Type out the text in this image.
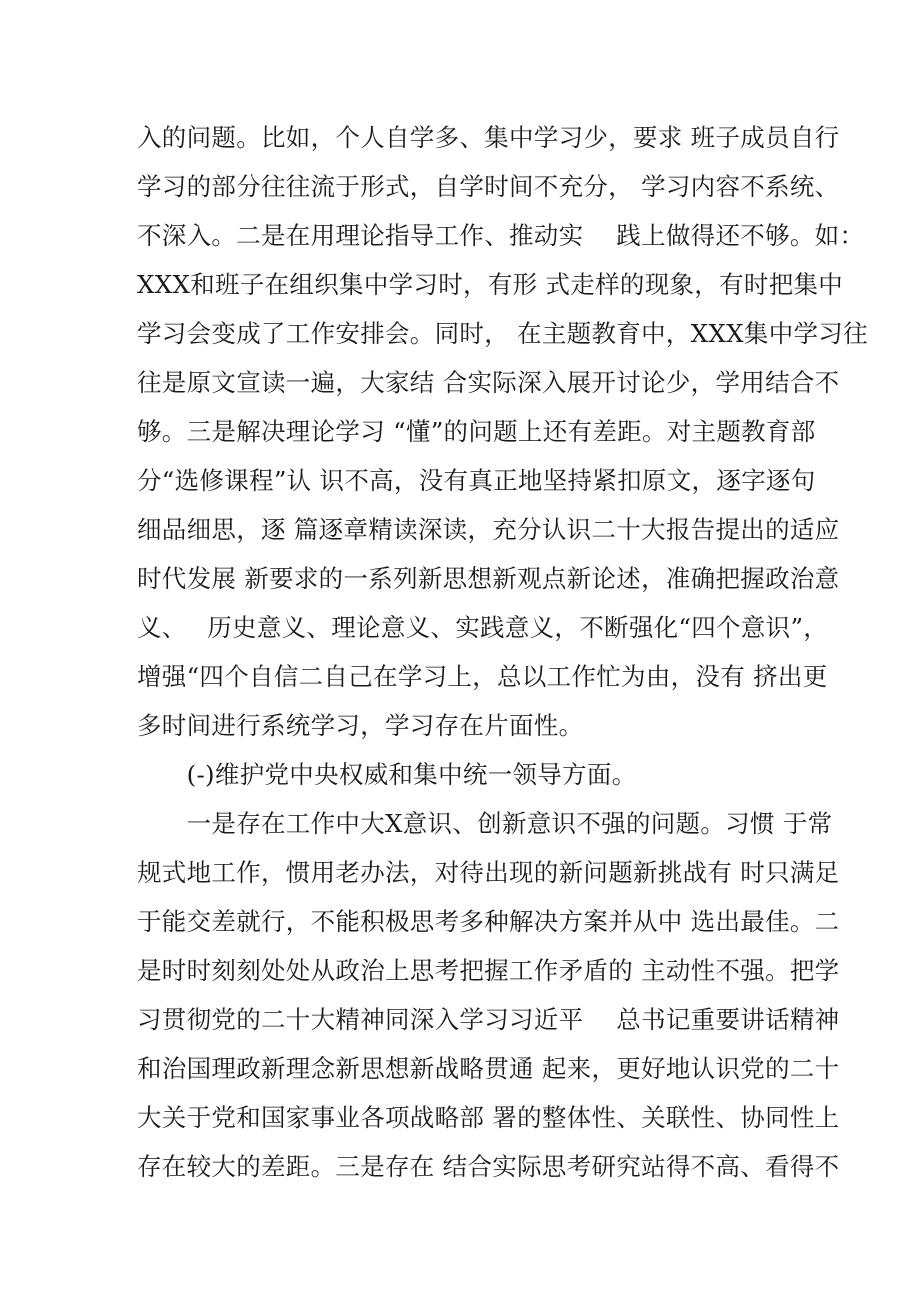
入的问题。比如，个人自学多、集中学习少，要求 班子成员自行
学习的部分往往流于形式，自学时间不充分， 学习内容不系统、
不深入。二是在用理论指导工作、推动实　 践上做得还不够。如：
XXX和班子在组织集中学习时，有形 式走样的现象，有时把集中
学习会变成了工作安排会。同时， 在主题教育中，XXX集中学习往
往是原文宣读一遍，大家结 合实际深入展开讨论少，学用结合不
够。三是解决理论学习 “懂”的问题上还有差距。对主题教育部
分“选修课程”认 识不高，没有真正地坚持紧扣原文，逐字逐句
细品细思，逐 篇逐章精读深读，充分认识二十大报告提出的适应
时代发展 新要求的一系列新思想新观点新论述，准确把握政治意
义、　 历史意义、理论意义、实践意义，不断强化“四个意识”，
增强“四个自信二自己在学习上，总以工作忙为由，没有 挤出更
多时间进行系统学习，学习存在片面性。
　　(-)维护党中央权威和集中统一领导方面。
　　一是存在工作中大X意识、创新意识不强的问题。习惯 于常
规式地工作，惯用老办法，对待出现的新问题新挑战有 时只满足
于能交差就行，不能积极思考多种解决方案并从中 选出最佳。二
是时时刻刻处处从政治上思考把握工作矛盾的 主动性不强。把学
习贯彻党的二十大精神同深入学习习近平　 总书记重要讲话精神
和治国理政新理念新思想新战略贯通 起来，更好地认识党的二十
大关于党和国家事业各项战略部 署的整体性、关联性、协同性上
存在较大的差距。三是存在 结合实际思考研究站得不高、看得不
